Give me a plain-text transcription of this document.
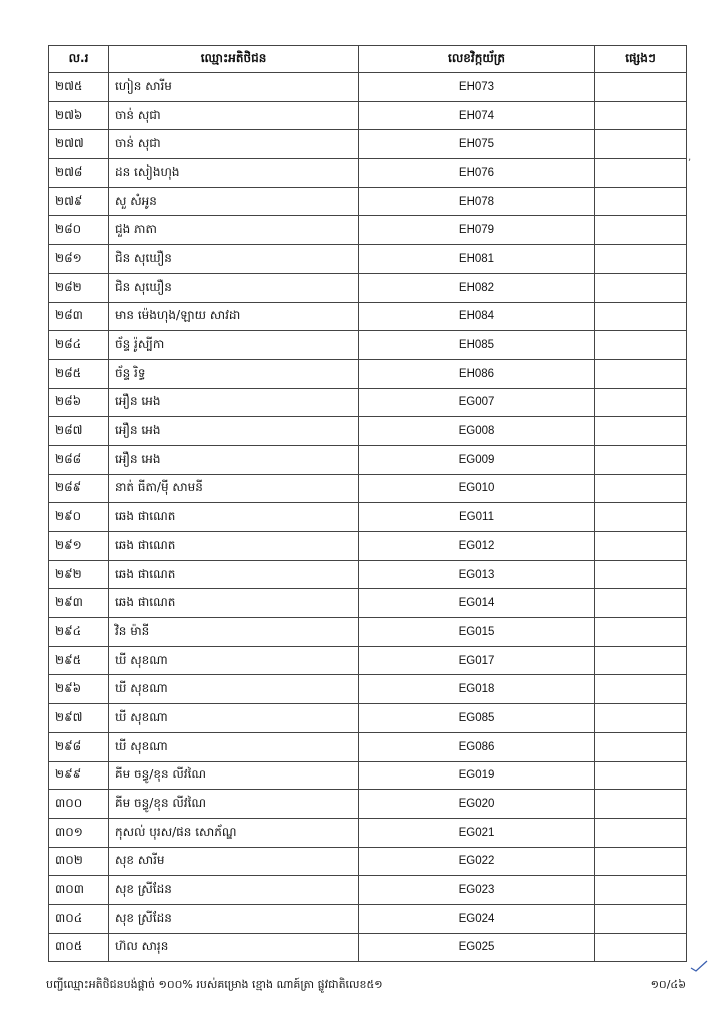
ល.រ	ឈ្មោះអតិថិជន	លេខវិក្កយ័ត្រ	ផ្សេងៗ
២៧៥	ហៀន សារីម	EH073	
២៧៦	ចាន់ សុជា	EH074	
២៧៧	ចាន់ សុជា	EH075	
២៧៨	ដន សៀងហុង	EH076	
២៧៩	សួ សំអូន	EH078	
២៨០	ជួង ភាតា	EH079	
២៨១	ជិន សុឃឿន	EH081	
២៨២	ជិន សុឃឿន	EH082	
២៨៣	មាន ម៉េងហុង/ឡាយ សាវដា	EH084	
២៨៤	ច័ន្ទ រ៉ូស្បីកា	EH085	
២៨៥	ច័ន្ទ រិទ្ធ	EH086	
២៨៦	អឿន អេង	EG007	
២៨៧	អឿន អេង	EG008	
២៨៨	អឿន អេង	EG009	
២៨៩	នាត់ ធីតា/ម៉ី សាមនី	EG010	
២៩០	ឆេង ផាណេត	EG011	
២៩១	ឆេង ផាណេត	EG012	
២៩២	ឆេង ផាណេត	EG013	
២៩៣	ឆេង ផាណេត	EG014	
២៩៤	វិន ម៉ានី	EG015	
២៩៥	ឃី សុខណា	EG017	
២៩៦	ឃី សុខណា	EG018	
២៩៧	ឃី សុខណា	EG085	
២៩៨	ឃី សុខណា	EG086	
២៩៩	គីម ចន្ធូ/ខុន លីវណៃ	EG019	
៣០០	គីម ចន្ធូ/ខុន លីវណៃ	EG020	
៣០១	កុសល់ បុរស/ផន សោភ័ណ្ឌ	EG021	
៣០២	សុខ សារីម	EG022	
៣០៣	សុខ ស្រីដែន	EG023	
៣០៤	សុខ ស្រីដែន	EG024	
៣០៥	ហ៊ល សារុន	EG025	
,
បញ្ជីឈ្មោះអតិថិជនបង់ផ្តាច់ ១០០% របស់គម្រោង ខ្មោង ណាគ៍ត្រា ផ្លូវជាតិលេខ៥១	១០/៤៦
